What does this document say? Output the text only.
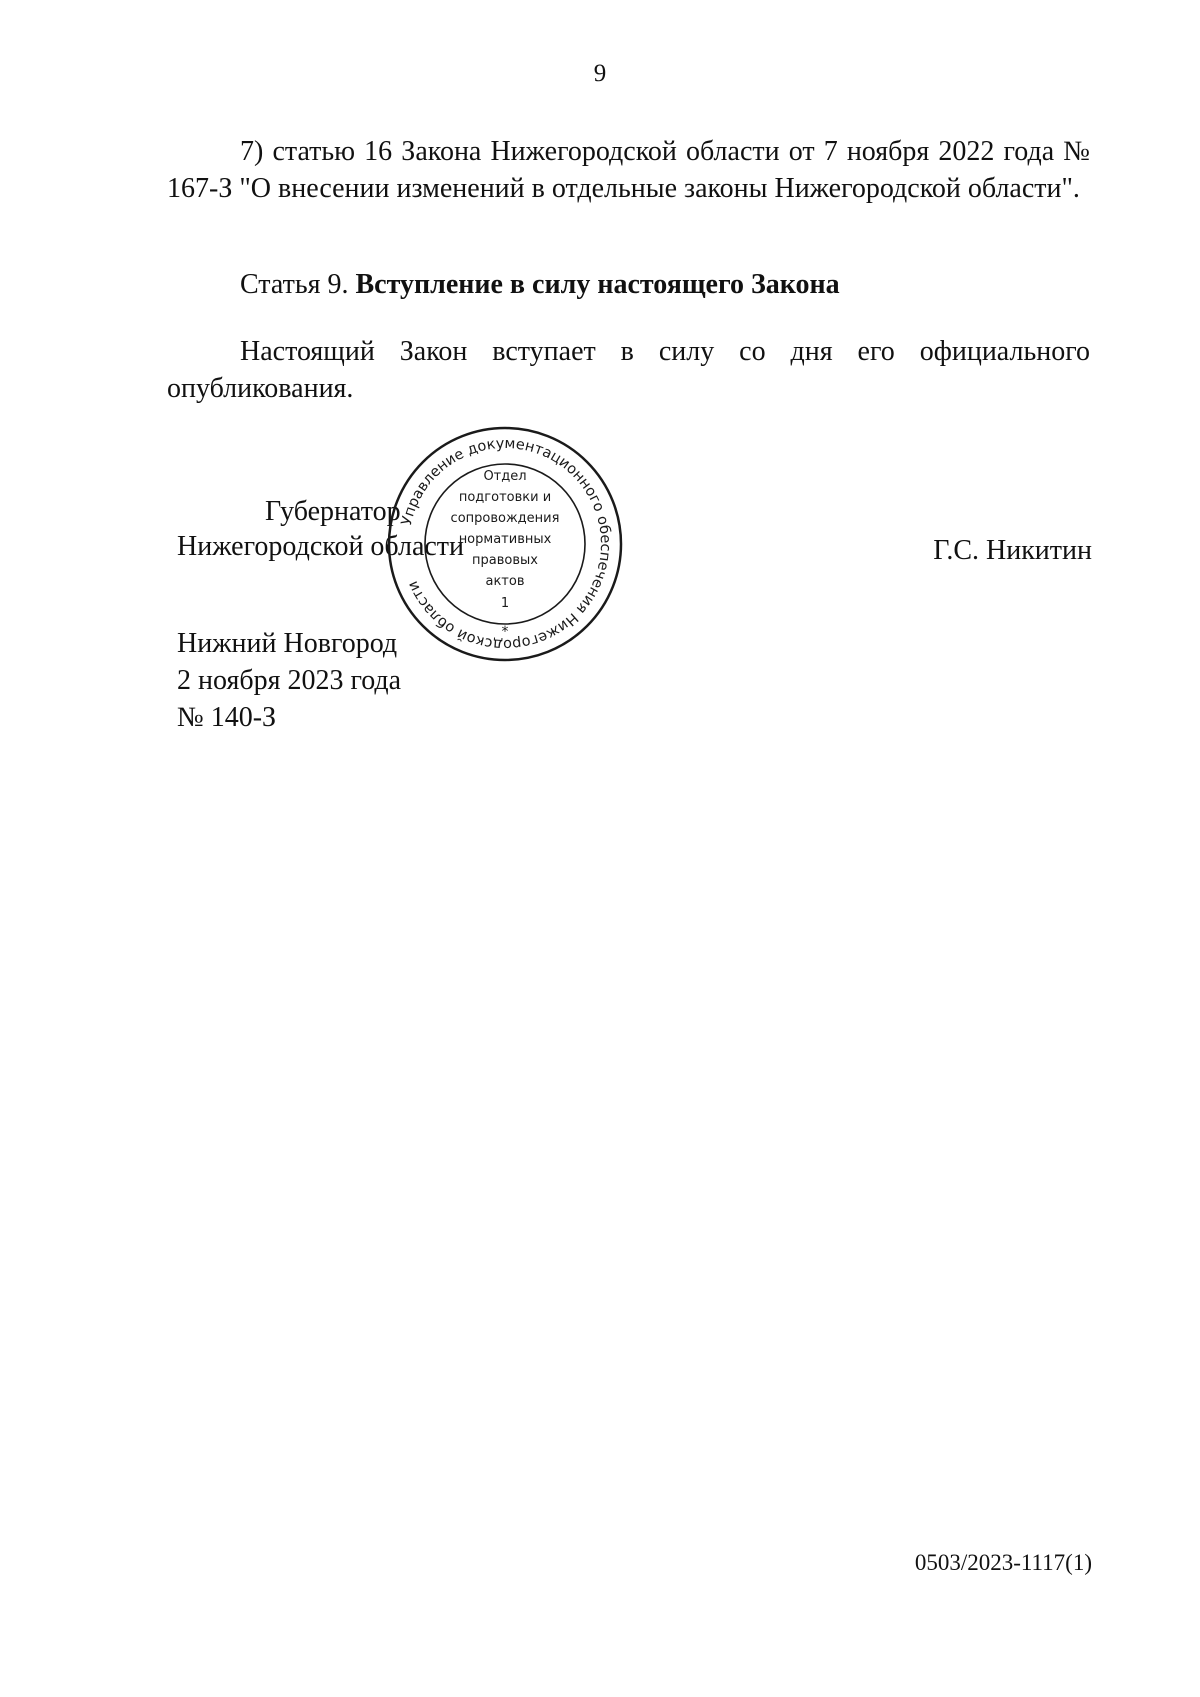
9
7) статью 16 Закона Нижегородской области от 7 ноября 2022 года № 167-З "О внесении изменений в отдельные законы Нижегородской области".
Статья 9. Вступление в силу настоящего Закона
Настоящий Закон вступает в силу со дня его официального опубликования.
Губернатор
Нижегородской области	Г.С. Никитин
Управление документационного обеспечения Нижегородской области
Отдел
подготовки и
сопровождения
нормативных
правовых
актов
1
*
Нижний Новгород
2 ноября 2023 года
№ 140-З
0503/2023-1117(1)
